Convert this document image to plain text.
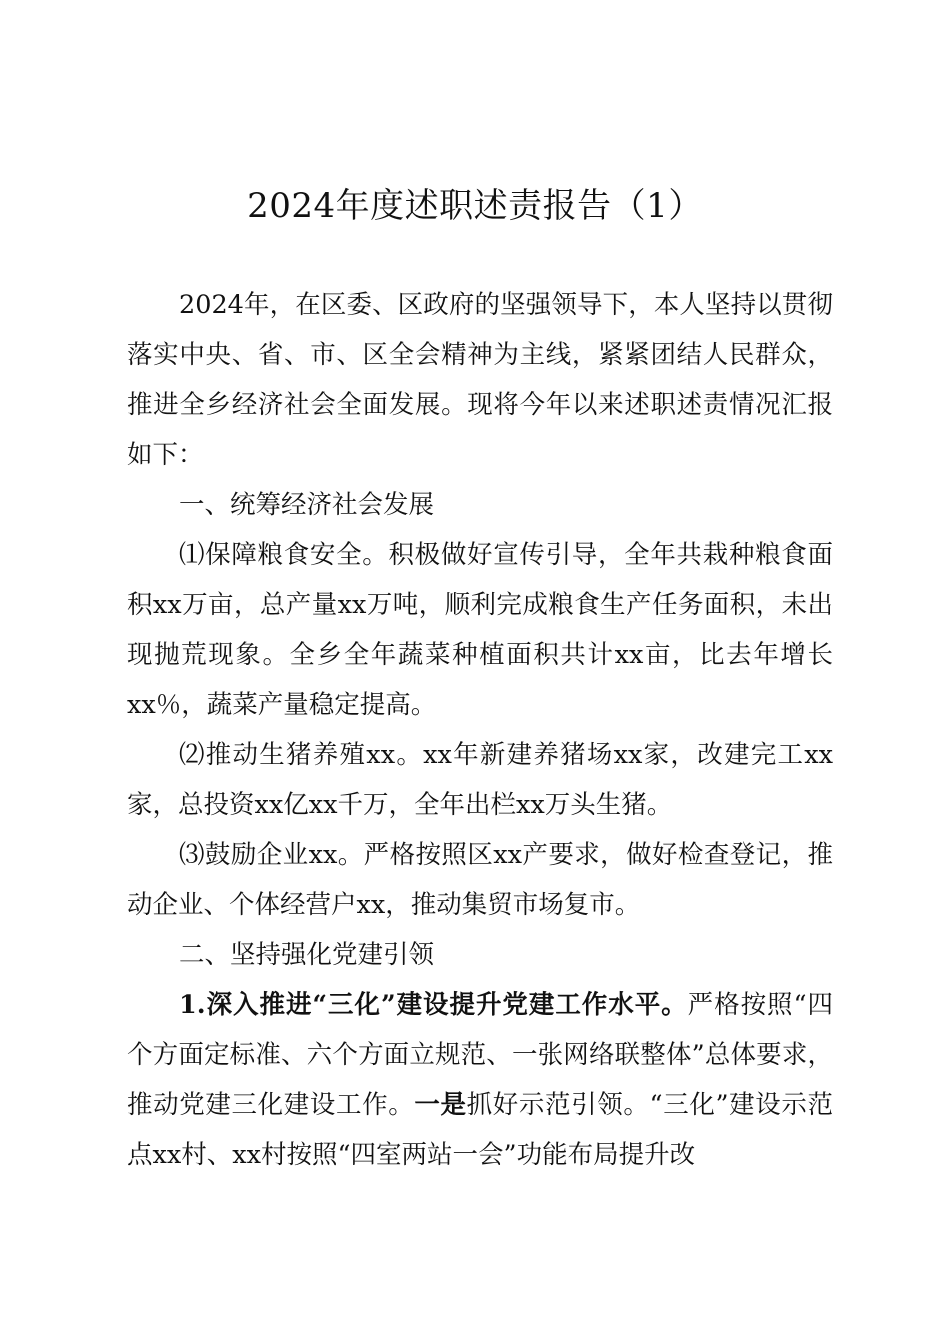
2024年度述职述责报告（1）

2024年，在区委、区政府的坚强领导下，本人坚持以贯彻落实中央、省、市、区全会精神为主线，紧紧团结人民群众，推进全乡经济社会全面发展。现将今年以来述职述责情况汇报如下：

一、统筹经济社会发展

⑴保障粮食安全。积极做好宣传引导，全年共栽种粮食面积xx万亩，总产量xx万吨，顺利完成粮食生产任务面积，未出现抛荒现象。全乡全年蔬菜种植面积共计xx亩，比去年增长xx％，蔬菜产量稳定提高。

⑵推动生猪养殖xx。xx年新建养猪场xx家，改建完工xx家，总投资xx亿xx千万，全年出栏xx万头生猪。

⑶鼓励企业xx。严格按照区xx产要求，做好检查登记，推动企业、个体经营户xx，推动集贸市场复市。

二、坚持强化党建引领

1.深入推进“三化”建设提升党建工作水平。严格按照“四个方面定标准、六个方面立规范、一张网络联整体”总体要求，推动党建三化建设工作。一是抓好示范引领。“三化”建设示范点xx村、xx村按照“四室两站一会”功能布局提升改
